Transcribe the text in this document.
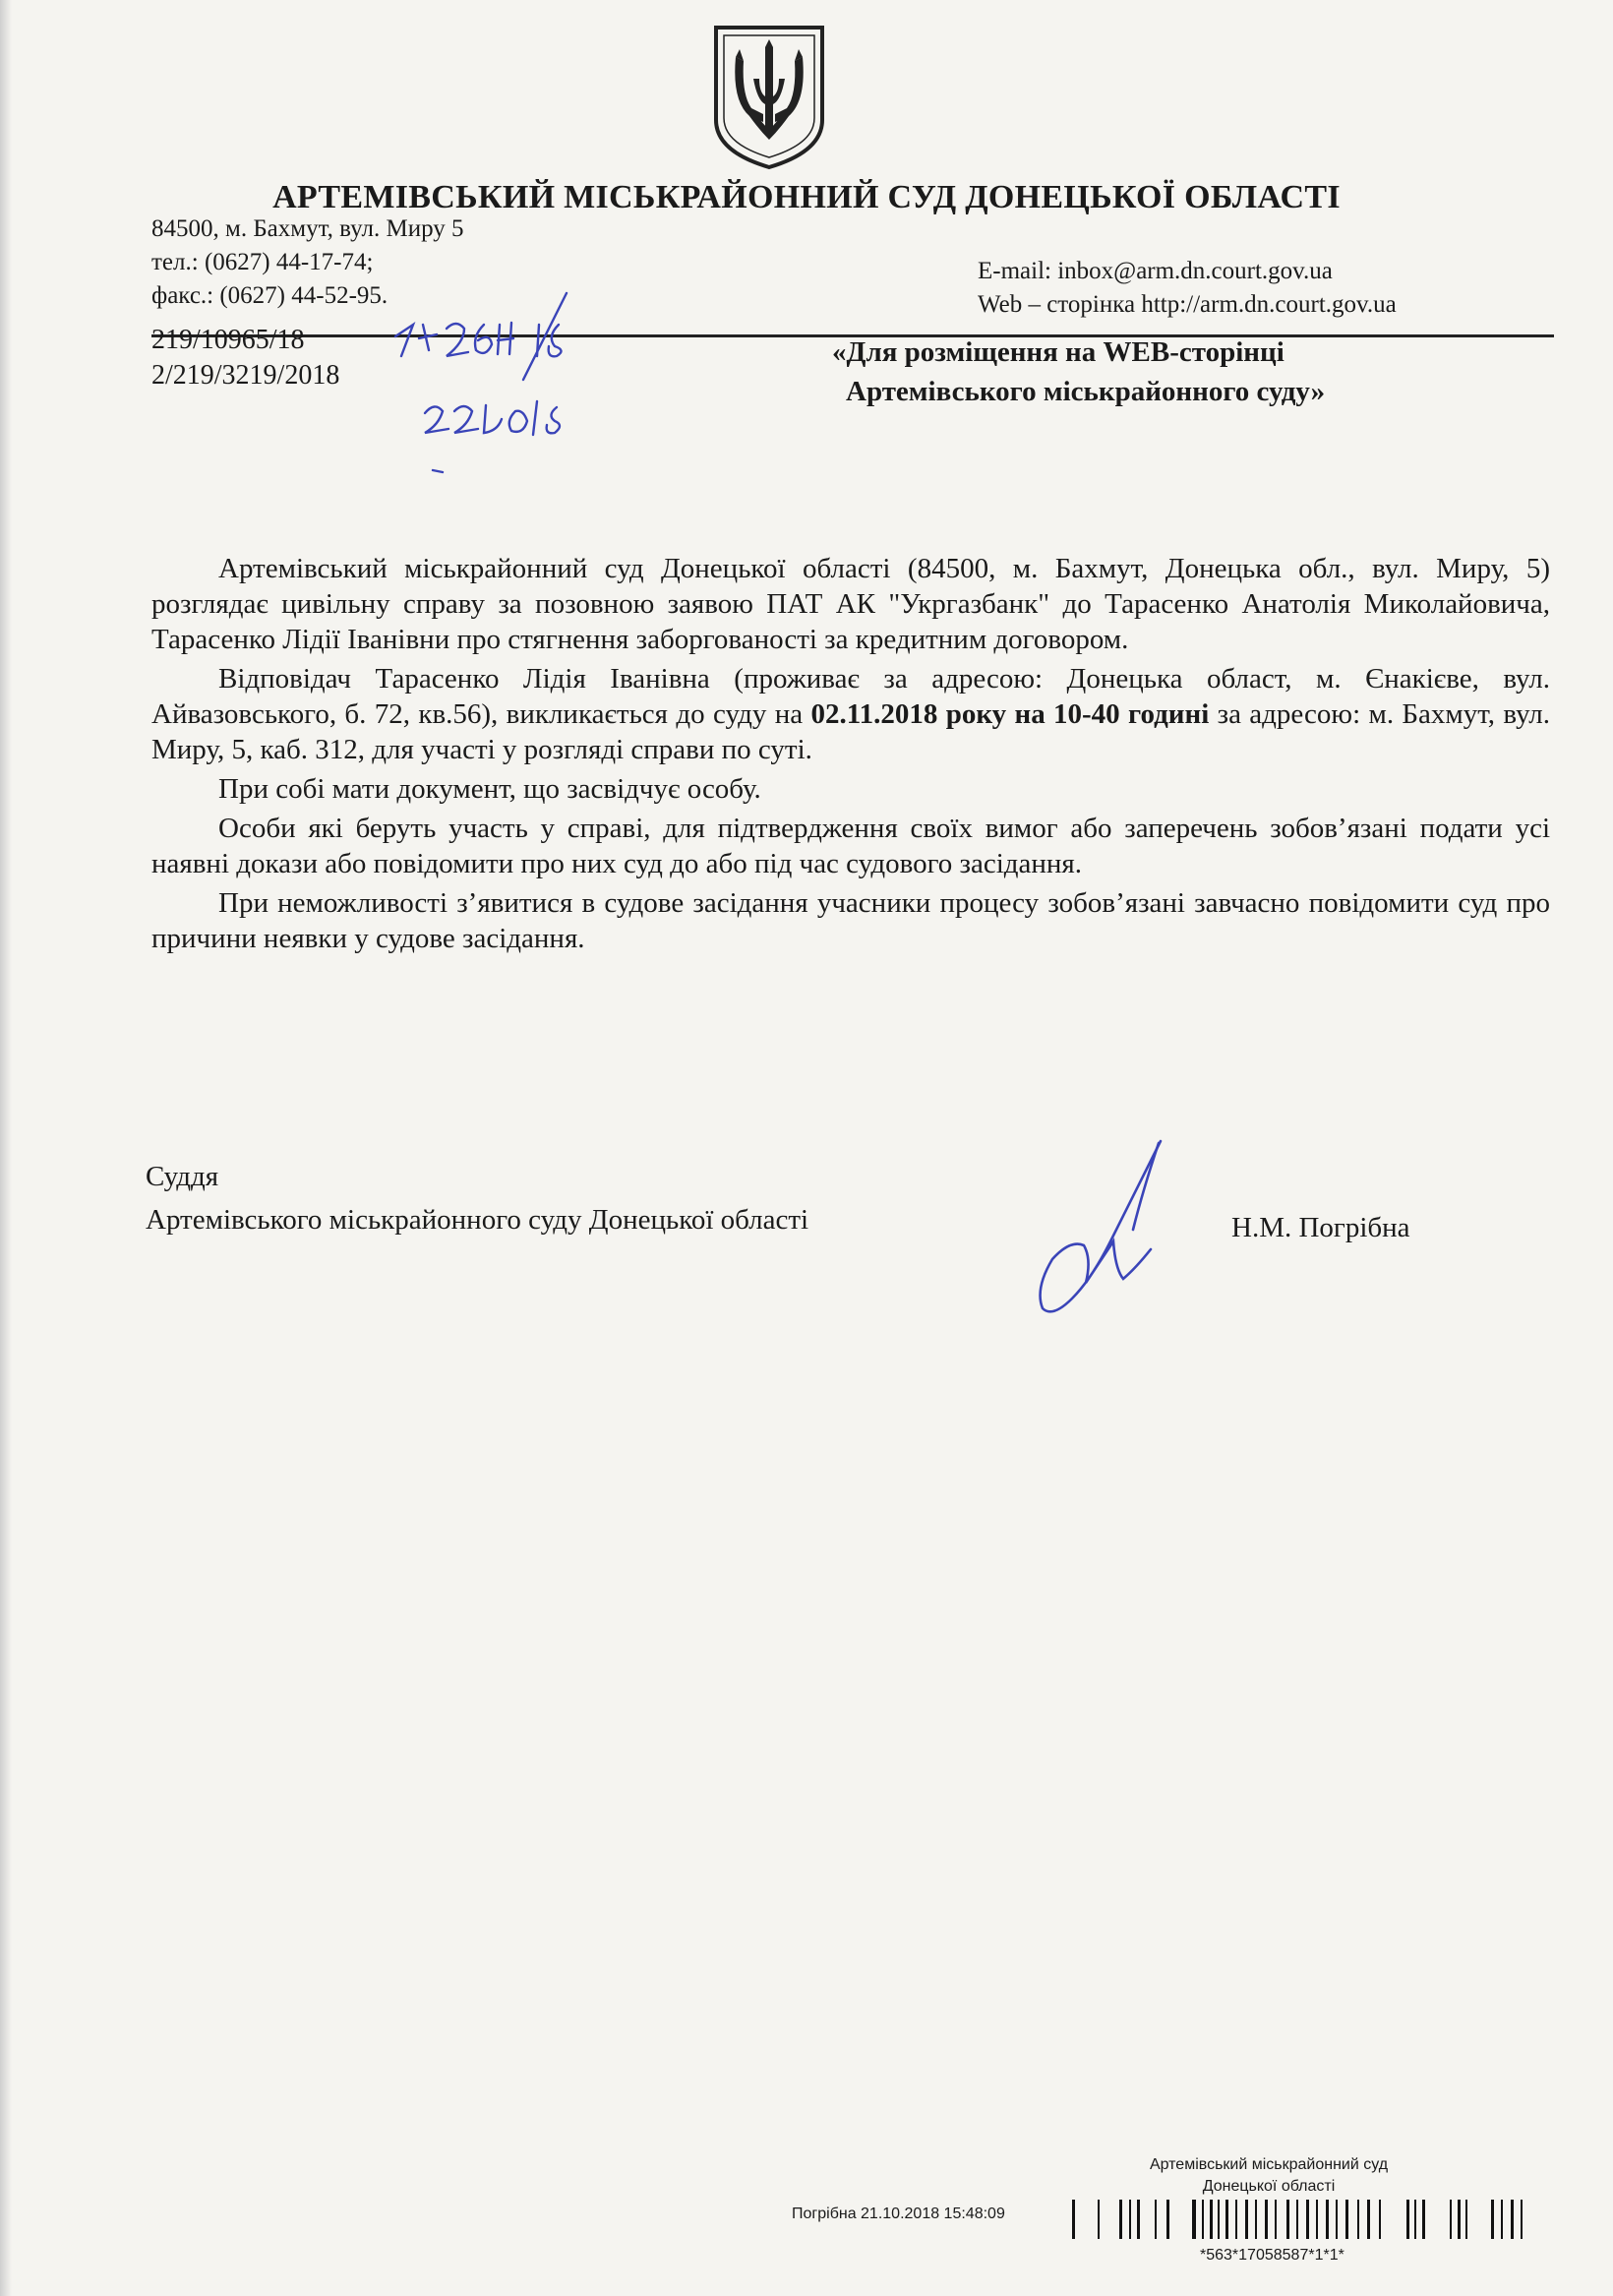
АРТЕМІВСЬКИЙ МІСЬКРАЙОННИЙ СУД ДОНЕЦЬКОЇ ОБЛАСТІ
84500, м. Бахмут, вул. Миру 5
тел.: (0627) 44-17-74;
факс.: (0627) 44-52-95.
E-mail: inbox@arm.dn.court.gov.ua
Web – сторінка http://arm.dn.court.gov.ua
219/10965/18
2/219/3219/2018
«Для розміщення на WEB-сторінці
Артемівського міськрайонного суду»

Артемівський міськрайонний суд Донецької області (84500, м. Бахмут, Донецька обл., вул. Миру, 5) розглядає цивільну справу за позовною заявою ПАТ АК "Укргазбанк" до Тарасенко Анатолія Миколайовича, Тарасенко Лідії Іванівни про стягнення заборгованості за кредитним договором.

Відповідач Тарасенко Лідія Іванівна (проживає за адресою: Донецька област, м. Єнакієве, вул. Айвазовського, б. 72, кв.56), викликається до суду на 02.11.2018 року на 10-40 годині за адресою: м. Бахмут, вул. Миру, 5, каб. 312, для участі у розгляді справи по суті.

При собі мати документ, що засвідчує особу.

Особи які беруть участь у справі, для підтвердження своїх вимог або заперечень зобов’язані подати усі наявні докази або повідомити про них суд до або під час судового засідання.

При неможливості з’явитися в судове засідання учасники процесу зобов’язані завчасно повідомити суд про причини неявки у судове засідання.

Суддя
Артемівського міськрайонного суду Донецької області	Н.М. Погрібна
Артемівський міськрайонний суд
Донецької області
Погрібна 21.10.2018 15:48:09
*563*17058587*1*1*
